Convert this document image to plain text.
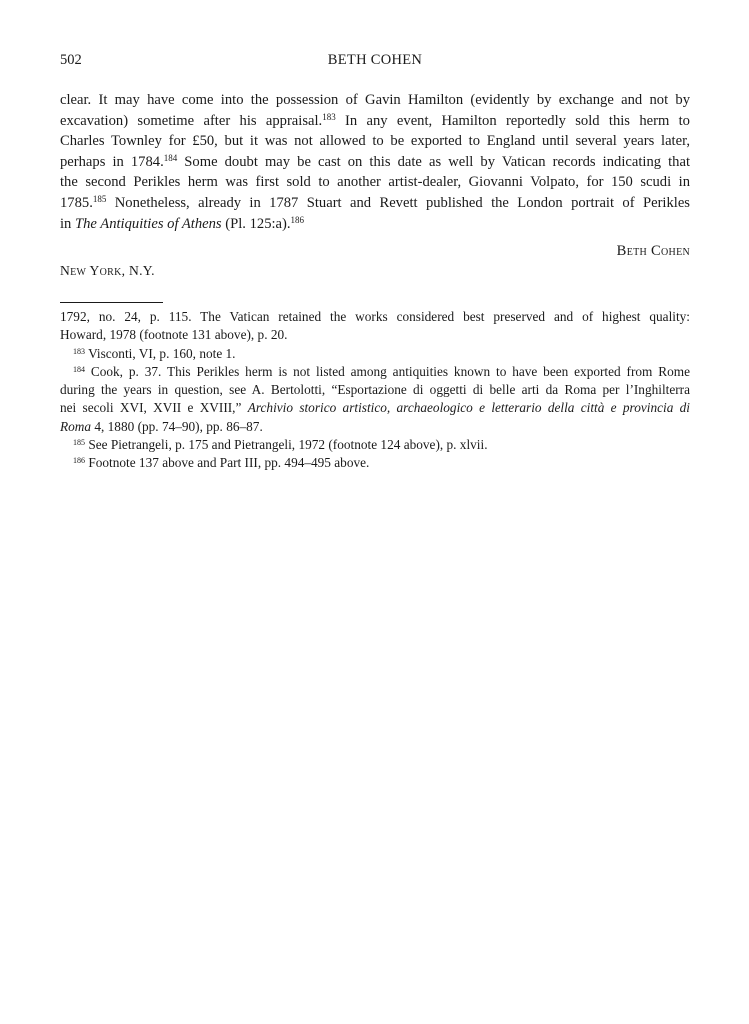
502	BETH COHEN
clear. It may have come into the possession of Gavin Hamilton (evidently by exchange and not by
excavation) sometime after his appraisal.$^{183}$ In any event, Hamilton reportedly sold this herm to
Charles Townley for £50, but it was not allowed to be exported to England until several years later,
perhaps in 1784.$^{184}$ Some doubt may be cast on this date as well by Vatican records indicating that
the second Perikles herm was first sold to another artist-dealer, Giovanni Volpato, for 150 scudi in
1785.$^{185}$ Nonetheless, already in 1787 Stuart and Revett published the London portrait of Perikles
in The Antiquities of Athens (Pl. 125:a).$^{186}$
Beth Cohen
New York, N.Y.
1792, no. 24, p. 115. The Vatican retained the works considered best preserved and of highest quality:
Howard, 1978 (footnote 131 above), p. 20.
$^{183}$ Visconti, VI, p. 160, note 1.
$^{184}$ Cook, p. 37. This Perikles herm is not listed among antiquities known to have been exported from Rome
during the years in question, see A. Bertolotti, “Esportazione di oggetti di belle arti da Roma per l’Inghilterra
nei secoli XVI, XVII e XVIII,” Archivio storico artistico, archaeologico e letterario della città e provincia di
Roma 4, 1880 (pp. 74–90), pp. 86–87.
$^{185}$ See Pietrangeli, p. 175 and Pietrangeli, 1972 (footnote 124 above), p. xlvii.
$^{186}$ Footnote 137 above and Part III, pp. 494–495 above.
